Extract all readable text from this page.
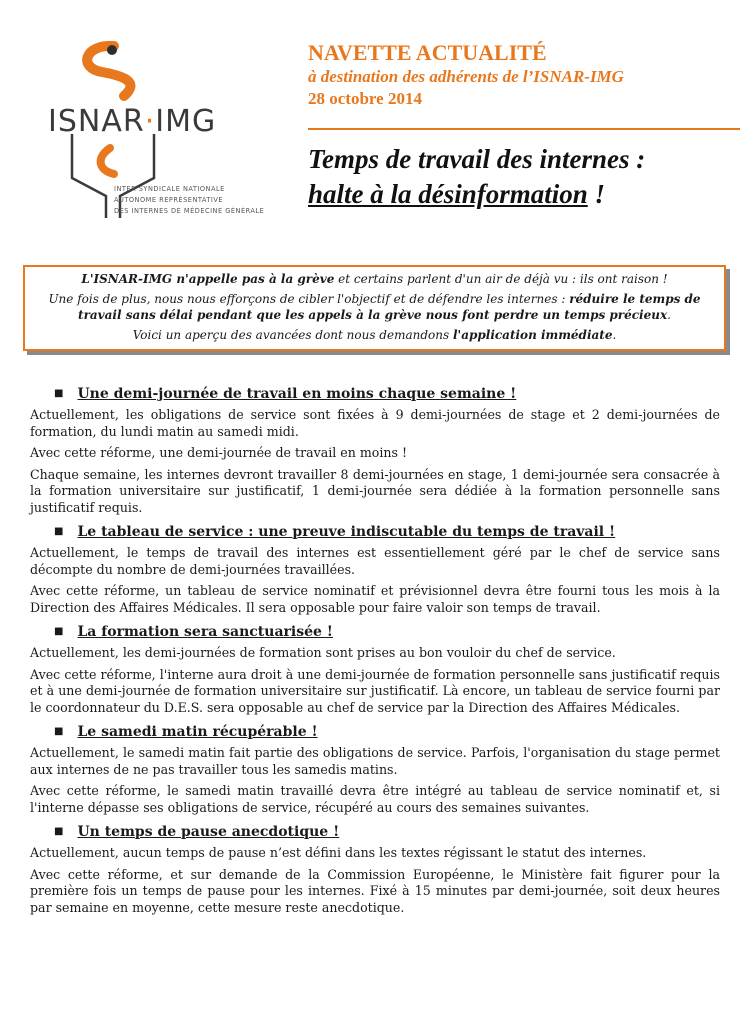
ISNAR·IMG
INTER SYNDICALE NATIONALE
AUTONOME REPRÉSENTATIVE
DES INTERNES DE MÉDECINE GÉNÉRALE
NAVETTE ACTUALITÉ
à destination des adhérents de l’ISNAR-IMG
28 octobre 2014
Temps de travail des internes :
halte à la désinformation !

L'ISNAR-IMG n'appelle pas à la grève et certains parlent d'un air de déjà vu : ils ont raison !

Une fois de plus, nous nous efforçons de cibler l'objectif et de défendre les internes : réduire le temps de travail sans délai pendant que les appels à la grève nous font perdre un temps précieux.

Voici un aperçu des avancées dont nous demandons l'application immédiate.

■ Une demi-journée de travail en moins chaque semaine !

Actuellement, les obligations de service sont fixées à 9 demi-journées de stage et 2 demi-journées de formation, du lundi matin au samedi midi.

Avec cette réforme, une demi-journée de travail en moins !

Chaque semaine, les internes devront travailler 8 demi-journées en stage, 1 demi-journée sera consacrée à la formation universitaire sur justificatif, 1 demi-journée sera dédiée à la formation personnelle sans justificatif requis.

■ Le tableau de service : une preuve indiscutable du temps de travail !

Actuellement, le temps de travail des internes est essentiellement géré par le chef de service sans décompte du nombre de demi-journées travaillées.

Avec cette réforme, un tableau de service nominatif et prévisionnel devra être fourni tous les mois à la Direction des Affaires Médicales. Il sera opposable pour faire valoir son temps de travail.

■ La formation sera sanctuarisée !

Actuellement, les demi-journées de formation sont prises au bon vouloir du chef de service.

Avec cette réforme, l'interne aura droit à une demi-journée de formation personnelle sans justificatif requis et à une demi-journée de formation universitaire sur justificatif. Là encore, un tableau de service fourni par le coordonnateur du D.E.S. sera opposable au chef de service par la Direction des Affaires Médicales.

■ Le samedi matin récupérable !

Actuellement, le samedi matin fait partie des obligations de service. Parfois, l'organisation du stage permet aux internes de ne pas travailler tous les samedis matins.

Avec cette réforme, le samedi matin travaillé devra être intégré au tableau de service nominatif et, si l'interne dépasse ses obligations de service, récupéré au cours des semaines suivantes.

■ Un temps de pause anecdotique !

Actuellement, aucun temps de pause n’est défini dans les textes régissant le statut des internes.

Avec cette réforme, et sur demande de la Commission Européenne, le Ministère fait figurer pour la première fois un temps de pause pour les internes. Fixé à 15 minutes par demi-journée, soit deux heures par semaine en moyenne, cette mesure reste anecdotique.
